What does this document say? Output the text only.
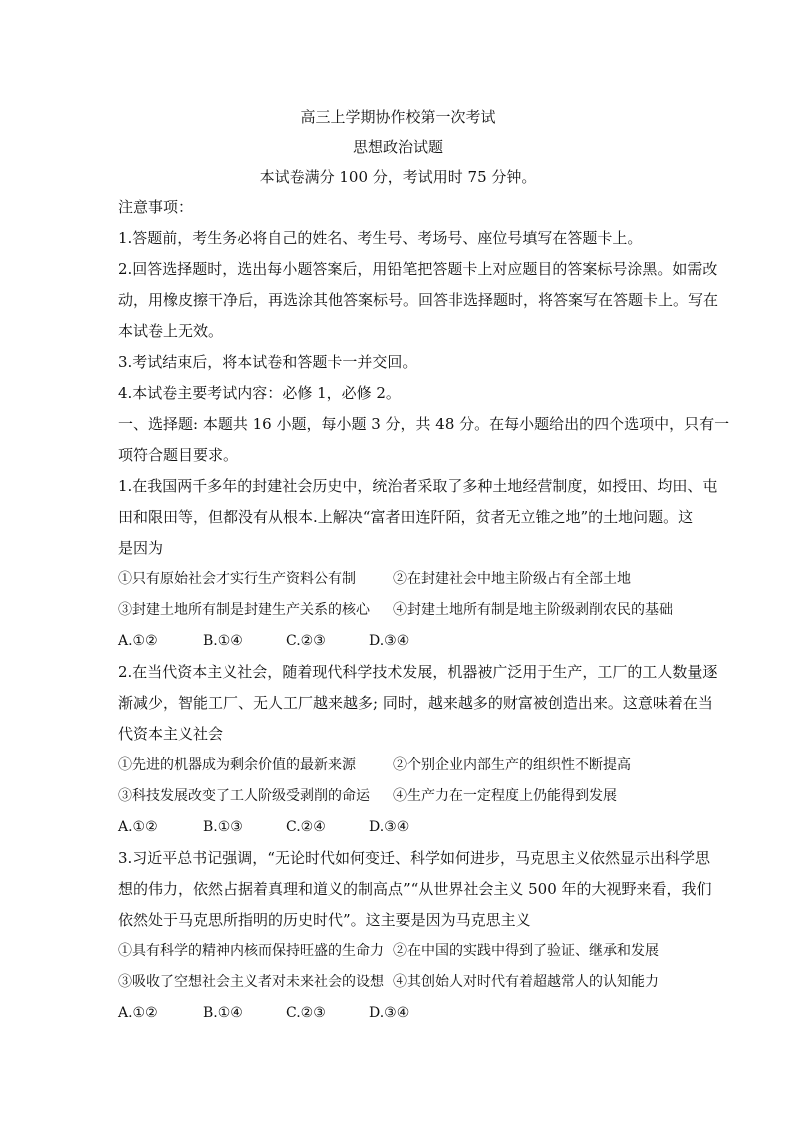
高三上学期协作校第一次考试
思想政治试题
本试卷满分 100 分，考试用时 75 分钟。
注意事项：
1.答题前，考生务必将自己的姓名、考生号、考场号、座位号填写在答题卡上。
2.回答选择题时，选出每小题答案后，用铅笔把答题卡上对应题目的答案标号涂黑。如需改
动，用橡皮擦干净后，再选涂其他答案标号。回答非选择题时，将答案写在答题卡上。写在
本试卷上无效。
3.考试结束后，将本试卷和答题卡一并交回。
4.本试卷主要考试内容：必修 1，必修 2。
一、选择题: 本题共 16 小题，每小题 3 分，共 48 分。在每小题给出的四个选项中，只有一
项符合题目要求。
1.在我国两千多年的封建社会历史中，统治者采取了多种土地经营制度，如授田、均田、屯
田和限田等，但都没有从根本.上解决“富者田连阡陌，贫者无立锥之地”的土地问题。这
是因为
①只有原始社会才实行生产资料公有制	②在封建社会中地主阶级占有全部土地
③封建土地所有制是封建生产关系的核心 ④封建土地所有制是地主阶级剥削农民的基础
A.①②	B.①④	C.②③	D.③④
2.在当代资本主义社会，随着现代科学技术发展，机器被广泛用于生产，工厂的工人数量逐
渐减少，智能工厂、无人工厂越来越多; 同时，越来越多的财富被创造出来。这意味着在当
代资本主义社会
①先进的机器成为剩余价值的最新来源	②个别企业内部生产的组织性不断提高
③科技发展改变了工人阶级受剥削的命运 ④生产力在一定程度上仍能得到发展
A.①②	B.①③	C.②④	D.③④
3.习近平总书记强调，“无论时代如何变迁、科学如何进步，马克思主义依然显示出科学思
想的伟力，依然占据着真理和道义的制高点”“从世界社会主义 500 年的大视野来看，我们
依然处于马克思所指明的历史时代”。这主要是因为马克思主义
①具有科学的精神内核而保持旺盛的生命力 ②在中国的实践中得到了验证、继承和发展
③吸收了空想社会主义者对未来社会的设想 ④其创始人对时代有着超越常人的认知能力
A.①②	B.①④	C.②③	D.③④
